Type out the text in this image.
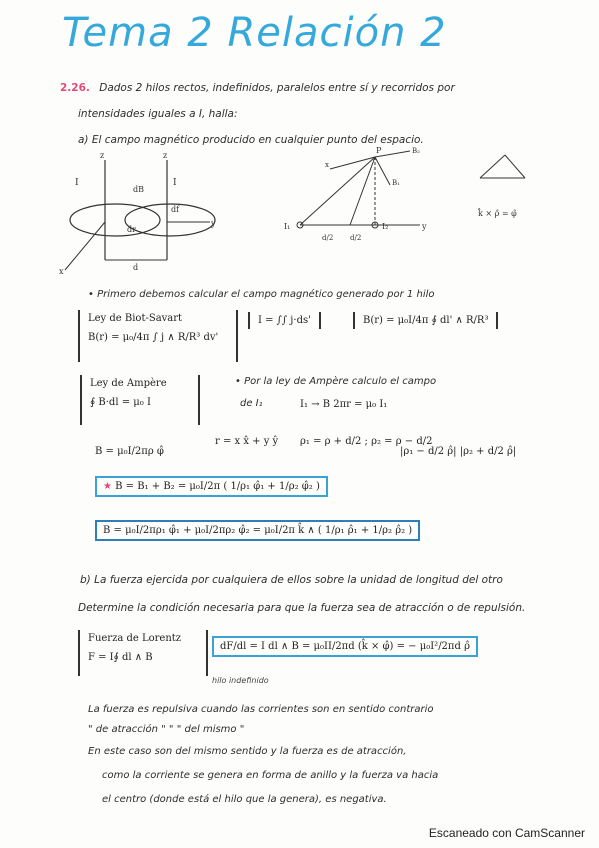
Tema 2 Relación 2
2.26. Dados 2 hilos rectos, indefinidos, paralelos entre sí y recorridos por
intensidades iguales a I, halla:
a) El campo magnético producido en cualquier punto del espacio.
I	I
dB
dr
df
d
z	z
y
x
P	B₂
B₁
I₁	I₂	y
x
d/2 d/2
k̂ × ρ̂ = φ̂
• Primero debemos calcular el campo magnético generado por 1 hilo
Ley de Biot-Savart
B(r) = μ₀/4π ∫ j ∧ R/R³ dv'
I = ∫∫ j·ds'	B(r) = μ₀I/4π ∮ dl' ∧ R/R³
Ley de Ampère
∮ B·dl = μ₀ I
• Por la ley de Ampère calculo el campo
de I₁	I₁ → B 2πr = μ₀ I₁
B = μ₀I/2πρ φ̂
r = x x̂ + y ŷ ρ₁ = ρ + d/2 ; ρ₂ = ρ − d/2
|ρ₁ − d/2 ρ̂| |ρ₂ + d/2 ρ̂|
★ B = B₁ + B₂ = μ₀I/2π ( 1/ρ₁ φ̂₁ + 1/ρ₂ φ̂₂ )
B = μ₀I/2πρ₁ φ̂₁ + μ₀I/2πρ₂ φ̂₂ = μ₀I/2π k̂ ∧ ( 1/ρ₁ ρ̂₁ + 1/ρ₂ ρ̂₂ )
b) La fuerza ejercida por cualquiera de ellos sobre la unidad de longitud del otro
Determine la condición necesaria para que la fuerza sea de atracción o de repulsión.
Fuerza de Lorentz
F = I∮ dl ∧ B
dF/dl = I dl ∧ B = μ₀II/2πd (k̂ × φ̂) = − μ₀I²/2πd ρ̂
hilo indefinido
La fuerza es repulsiva cuando las corrientes son en sentido contrario
" de atracción " " " del mismo "
En este caso son del mismo sentido y la fuerza es de atracción,
como la corriente se genera en forma de anillo y la fuerza va hacia
el centro (donde está el hilo que la genera), es negativa.
Escaneado con CamScanner
